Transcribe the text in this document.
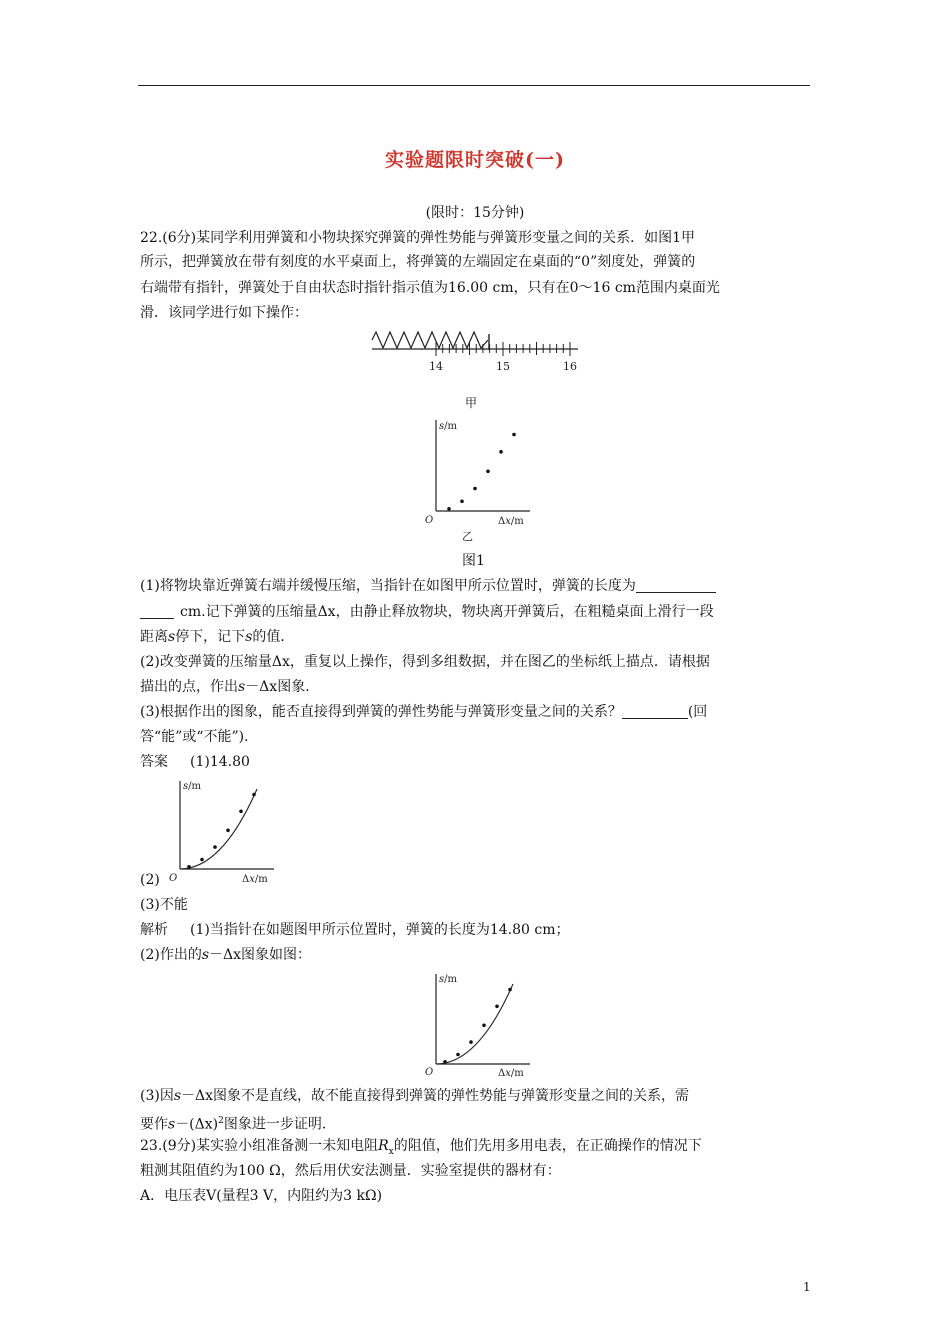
实验题限时突破(一)
(限时：15分钟)
22.(6分)某同学利用弹簧和小物块探究弹簧的弹性势能与弹簧形变量之间的关系．如图1甲
所示，把弹簧放在带有刻度的水平桌面上，将弹簧的左端固定在桌面的“0”刻度处，弹簧的
右端带有指针，弹簧处于自由状态时指针指示值为16.00 cm，只有在0～16 cm范围内桌面光
滑．该同学进行如下操作：
14	15	16
甲
s/m
Δx/m
O
乙
图1
(1)将物块靠近弹簧右端并缓慢压缩，当指针在如图甲所示位置时，弹簧的长度为
cm.记下弹簧的压缩量Δx，由静止释放物块，物块离开弹簧后，在粗糙桌面上滑行一段
距离s停下，记下s的值．
(2)改变弹簧的压缩量Δx，重复以上操作，得到多组数据，并在图乙的坐标纸上描点．请根据
描出的点，作出s－Δx图象．
(3)根据作出的图象，能否直接得到弹簧的弹性势能与弹簧形变量之间的关系？	(回
答“能”或“不能”)．
答案 (1)14.80
s/m
Δx/m
O
(2)
(3)不能
解析 (1)当指针在如题图甲所示位置时，弹簧的长度为14.80 cm；
(2)作出的s－Δx图象如图：
s/m
Δx/m
O
(3)因s－Δx图象不是直线，故不能直接得到弹簧的弹性势能与弹簧形变量之间的关系，需
要作$s-(\Delta x)^2$图象进一步证明．
23.(9分)某实验小组准备测一未知电阻$R_x$的阻值，他们先用多用电表，在正确操作的情况下
粗测其阻值约为100 Ω，然后用伏安法测量．实验室提供的器材有：
A．电压表V(量程3 V，内阻约为3 kΩ)
1
